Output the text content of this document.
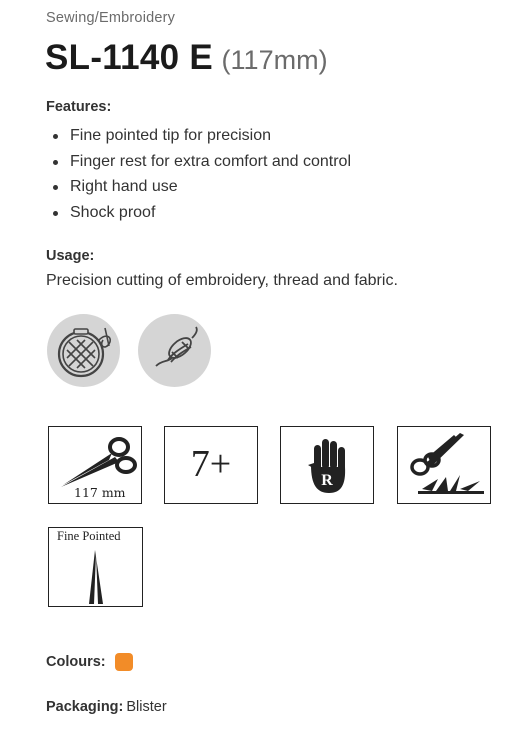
Sewing/Embroidery
SL-1140 E (117mm)
Features:
Fine pointed tip for precision
Finger rest for extra comfort and control
Right hand use
Shock proof
Usage:
Precision cutting of embroidery, thread and fabric.
117 mm
7+	R
Fine Pointed
Colours:
Packaging: Blister
